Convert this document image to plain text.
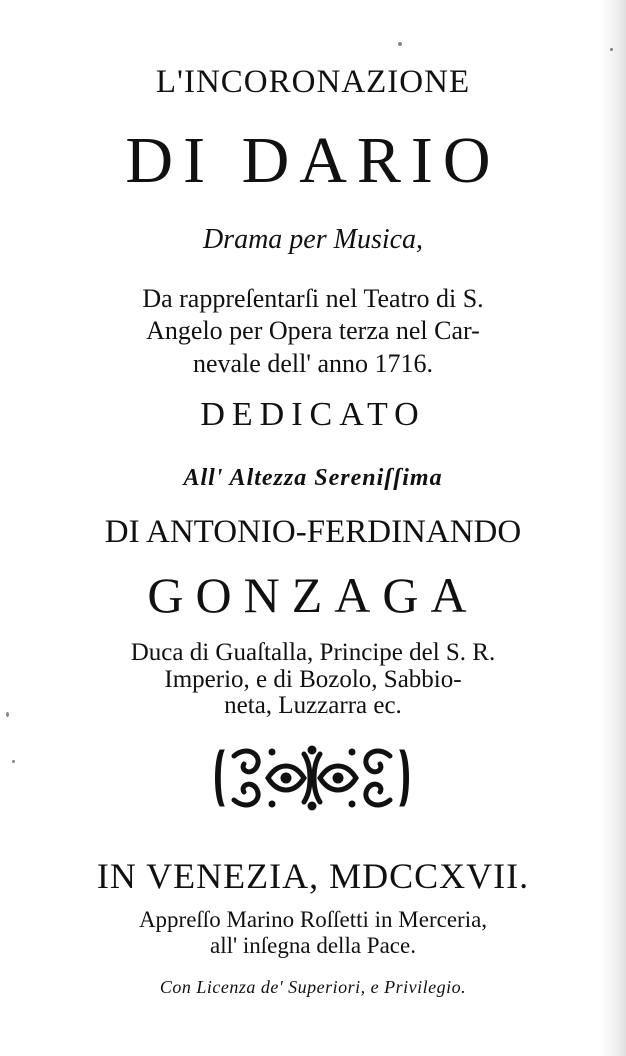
L'INCORONAZIONE
DI DARIO
Drama per Musica,
Da rappreſentarſi nel Teatro di S.
Angelo per Opera terza nel Car-
nevale dell' anno 1716.
DEDICATO
All' Altezza Sereniſſima
DI ANTONIO-FERDINANDO
GONZAGA
Duca di Guaſtalla, Principe del S. R.
Imperio, e di Bozolo, Sabbio-
neta, Luzzarra ec.
IN VENEZIA, MDCCXVII.
Appreſſo Marino Roſſetti in Merceria,
all' inſegna della Pace.
Con Licenza de' Superiori, e Privilegio.
